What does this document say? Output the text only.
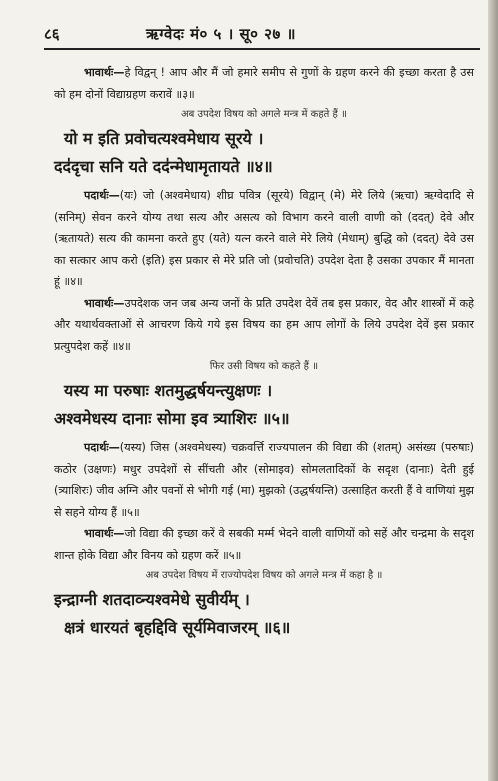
८६	ऋग्वेदः मं० ५ । सू० २७ ॥

भावार्थः—हे विद्वन् ! आप और मैं जो हमारे समीप से गुणों के ग्रहण करने की इच्छा करता है उस को हम दोनों विद्याग्रहण करावें ॥३॥

अब उपदेश विषय को अगले मन्त्र में कहते हैं ॥

यो म इति प्रवोचत्यश्वमेधाय सूरये ।

दद॑दृचा सनि यते दद॑न्मेधामृतायते ॥४॥

पदार्थः—(यः) जो (अश्वमेधाय) शीघ्र पवित्र (सूरये) विद्वान् (मे) मेरे लिये (ऋचा) ऋग्वेदादि से (सनिम्) सेवन करने योग्य तथा सत्य और असत्य को विभाग करने वाली वाणी को (ददत्) देवे और (ऋतायते) सत्य की कामना करते हुए (यते) यत्न करने वाले मेरे लिये (मेधाम्) बुद्धि को (ददत्) देवे उस का सत्कार आप करो (इति) इस प्रकार से मेरे प्रति जो (प्रवोचति) उपदेश देता है उसका उपकार मैं मानता हूं ॥४॥

भावार्थः—उपदेशक जन जब अन्य जनों के प्रति उपदेश देवें तब इस प्रकार, वेद और शास्त्रों में कहे और यथार्थवक्ताओं से आचरण किये गये इस विषय का हम आप लोगों के लिये उपदेश देवें इस प्रकार प्रत्युपदेश कहें ॥४॥

फिर उसी विषय को कहते हैं ॥

यस्य मा परुषाः शतमुद्धर्षयन्त्युक्षणः ।

अश्वमेधस्य दानाः सोमा इव त्र्याशिरः ॥५॥

पदार्थः—(यस्य) जिस (अश्वमेधस्य) चक्रवर्त्ति राज्यपालन की विद्या की (शतम्) असंख्य (परुषाः) कठोर (उक्षणः) मधुर उपदेशों से सींचती और (सोमाइव) सोमलतादिकों के सदृश (दानाः) देती हुई (त्र्याशिरः) जीव अग्नि और पवनों से भोगी गई (मा) मुझको (उद्धर्षयन्ति) उत्साहित करती हैं वे वाणियां मुझ से सहने योग्य हैं ॥५॥

भावार्थः—जो विद्या की इच्छा करें वे सबकी मर्म्म भेदने वाली वाणियों को सहें और चन्द्रमा के सदृश शान्त होके विद्या और विनय को ग्रहण करें ॥५॥

अब उपदेश विषय में राज्योपदेश विषय को अगले मन्त्र में कहा है ॥

इन्द्राग्नी शतदाव्न्यश्वमेधे सुवीर्य॑म् ।

क्षत्रं धारयतं बृहद्दिवि सूर्यमिवाजरम् ॥६॥
